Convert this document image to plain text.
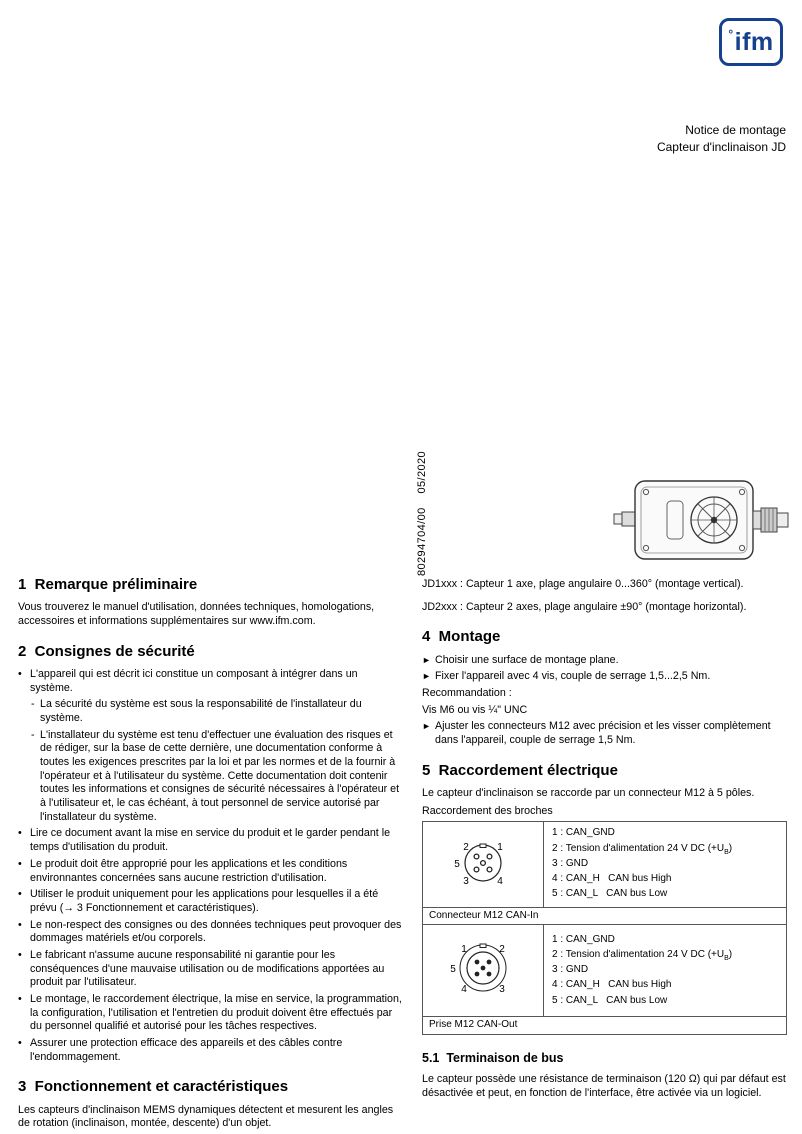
° ifm
Notice de montage
Capteur d'inclinaison JD
80294704/00    05/2020
1  Remarque préliminaire

Vous trouverez le manuel d'utilisation, données techniques, homologations, accessoires et informations supplémentaires sur www.ifm.com.

2  Consignes de sécurité
• L'appareil qui est décrit ici constitue un composant à intégrer dans un système.
- La sécurité du système est sous la responsabilité de l'installateur du système.
- L'installateur du système est tenu d'effectuer une évaluation des risques et de rédiger, sur la base de cette dernière, une documentation conforme à toutes les exigences prescrites par la loi et par les normes et de la fournir à l'opérateur et à l'utilisateur du système. Cette documentation doit contenir toutes les informations et consignes de sécurité nécessaires à l'opérateur et à l'utilisateur et, le cas échéant, à tout personnel de service autorisé par l'installateur du système.
• Lire ce document avant la mise en service du produit et le garder pendant le temps d'utilisation du produit.
• Le produit doit être approprié pour les applications et les conditions environnantes concernées sans aucune restriction d'utilisation.
• Utiliser le produit uniquement pour les applications pour lesquelles il a été prévu (→ 3 Fonctionnement et caractéristiques).
• Le non-respect des consignes ou des données techniques peut provoquer des dommages matériels et/ou corporels.
• Le fabricant n'assume aucune responsabilité ni garantie pour les conséquences d'une mauvaise utilisation ou de modifications apportées au produit par l'utilisateur.
• Le montage, le raccordement électrique, la mise en service, la programmation, la configuration, l'utilisation et l'entretien du produit doivent être effectués par du personnel qualifié et autorisé pour les tâches respectives.
• Assurer une protection efficace des appareils et des câbles contre l'endommagement.
3  Fonctionnement et caractéristiques

Les capteurs d'inclinaison MEMS dynamiques détectent et mesurent les angles de rotation (inclinaison, montée, descente) d'un objet.

JD1xxx : Capteur 1 axe, plage angulaire 0...360° (montage vertical).
JD2xxx : Capteur 2 axes, plage angulaire ±90° (montage horizontal).
4  Montage
► Choisir une surface de montage plane.
► Fixer l'appareil avec 4 vis, couple de serrage 1,5...2,5 Nm.
Recommandation :
Vis M6 ou vis ¼" UNC
► Ajuster les connecteurs M12 avec précision et les visser complètement dans l'appareil, couple de serrage 1,5 Nm.
5  Raccordement électrique

Le capteur d'inclinaison se raccorde par un connecteur M12 à 5 pôles.

Raccordement des broches
2	1
5
3	4

1 : CAN_GND
2 : Tension d'alimentation 24 V DC $(+U_B)$
3 : GND
4 : CAN_H   CAN bus High
5 : CAN_L   CAN bus Low

Connecteur M12 CAN-In	

1	2
5
4	3

1 : CAN_GND
2 : Tension d'alimentation 24 V DC $(+U_B)$
3 : GND
4 : CAN_H   CAN bus High
5 : CAN_L   CAN bus Low

Prise M12 CAN-Out	
5.1  Terminaison de bus

Le capteur possède une résistance de terminaison (120 Ω) qui par défaut est désactivée et peut, en fonction de l'interface, être activée via un logiciel.
